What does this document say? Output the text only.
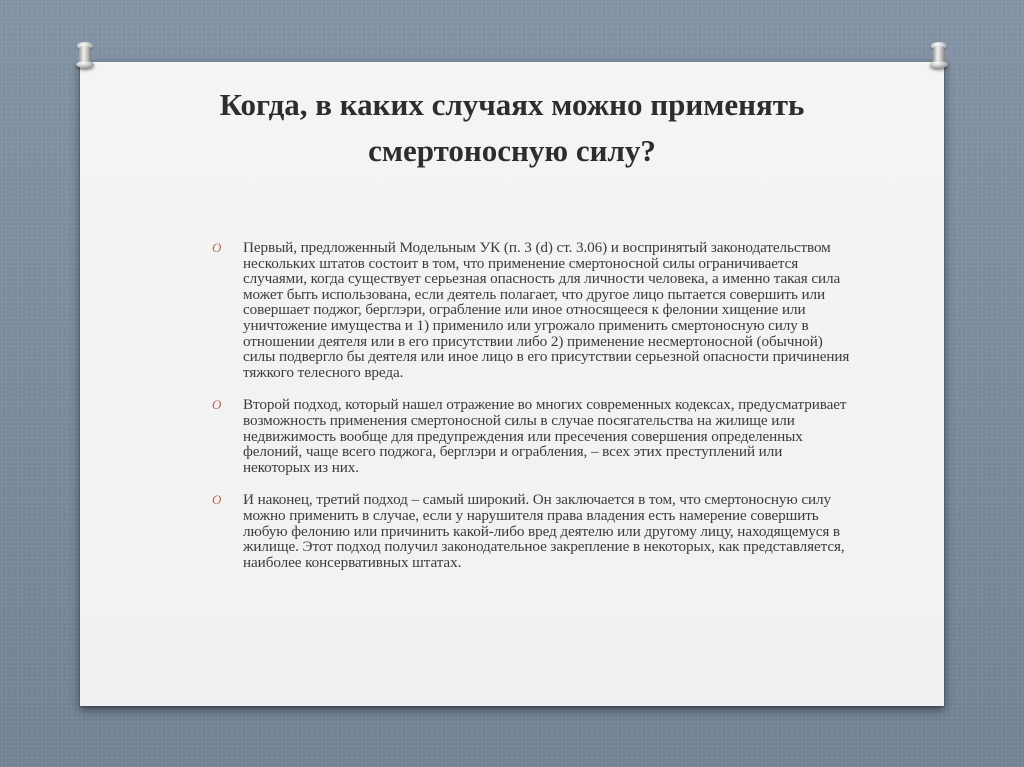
Когда, в каких случаях можно применять смертоносную силу?
O Первый, предложенный Модельным УК (п. 3 (d) ст. 3.06) и воспринятый законодательством нескольких штатов состоит в том, что применение смертоносной силы ограничивается случаями, когда существует серьезная опасность для личности человека, а именно такая сила может быть использована, если деятель полагает, что другое лицо пытается совершить или совершает поджог, берглэри, ограбление или иное относящееся к фелонии хищение или уничтожение имущества и 1) применило или угрожало применить смертоносную силу в отношении деятеля или в его присутствии либо 2) применение несмертоносной (обычной) силы подвергло бы деятеля или иное лицо в его присутствии серьезной опасности причинения тяжкого телесного вреда.
O Второй подход, который нашел отражение во многих современных кодексах, предусматривает возможность применения смертоносной силы в случае посягательства на жилище или недвижимость вообще для предупреждения или пресечения совершения определенных фелоний, чаще всего поджога, берглэри и ограбления, – всех этих преступлений или некоторых из них.
O И наконец, третий подход – самый широкий. Он заключается в том, что смертоносную силу можно применить в случае, если у нарушителя права владения есть намерение совершить любую фелонию или причинить какой-либо вред деятелю или другому лицу, находящемуся в жилище. Этот подход получил законодательное закрепление в некоторых, как представляется, наиболее консервативных штатах.
